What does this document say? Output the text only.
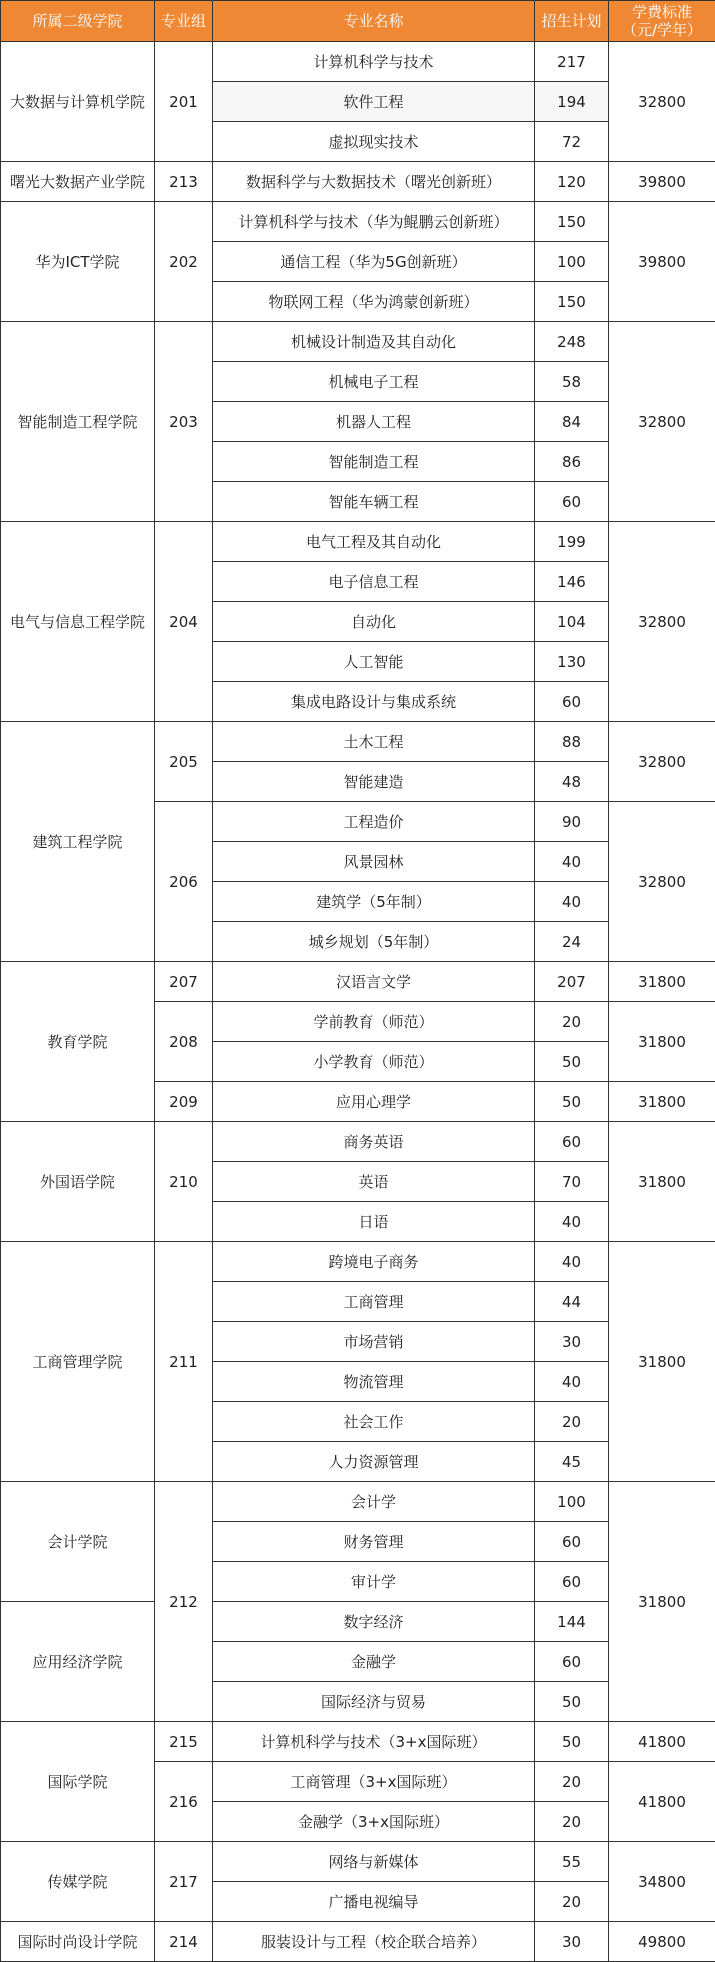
所属二级学院	专业组	专业名称	招生计划	学费标准
（元/学年）
大数据与计算机学院	201	计算机科学与技术	217	32800
		软件工程	194	
		虚拟现实技术	72	
曙光大数据产业学院	213	数据科学与大数据技术（曙光创新班）	120	39800
华为ICT学院	202	计算机科学与技术（华为鲲鹏云创新班）	150	39800
		通信工程（华为5G创新班）	100	
		物联网工程（华为鸿蒙创新班）	150	
智能制造工程学院	203	机械设计制造及其自动化	248	32800
		机械电子工程	58	
		机器人工程	84	
		智能制造工程	86	
		智能车辆工程	60	
电气与信息工程学院	204	电气工程及其自动化	199	32800
		电子信息工程	146	
		自动化	104	
		人工智能	130	
		集成电路设计与集成系统	60	
建筑工程学院	205	土木工程	88	32800
		智能建造	48	
	206	工程造价	90	32800
		风景园林	40	
		建筑学（5年制）	40	
		城乡规划（5年制）	24	
教育学院	207	汉语言文学	207	31800
	208	学前教育（师范）	20	31800
		小学教育（师范）	50	
	209	应用心理学	50	31800
外国语学院	210	商务英语	60	31800
		英语	70	
		日语	40	
工商管理学院	211	跨境电子商务	40	31800
		工商管理	44	
		市场营销	30	
		物流管理	40	
		社会工作	20	
		人力资源管理	45	
会计学院	212	会计学	100	31800
		财务管理	60	
		审计学	60	
应用经济学院		数字经济	144	
		金融学	60	
		国际经济与贸易	50	
国际学院	215	计算机科学与技术（3+x国际班）	50	41800
	216	工商管理（3+x国际班）	20	41800
		金融学（3+x国际班）	20	
传媒学院	217	网络与新媒体	55	34800
		广播电视编导	20	
国际时尚设计学院	214	服装设计与工程（校企联合培养）	30	49800
